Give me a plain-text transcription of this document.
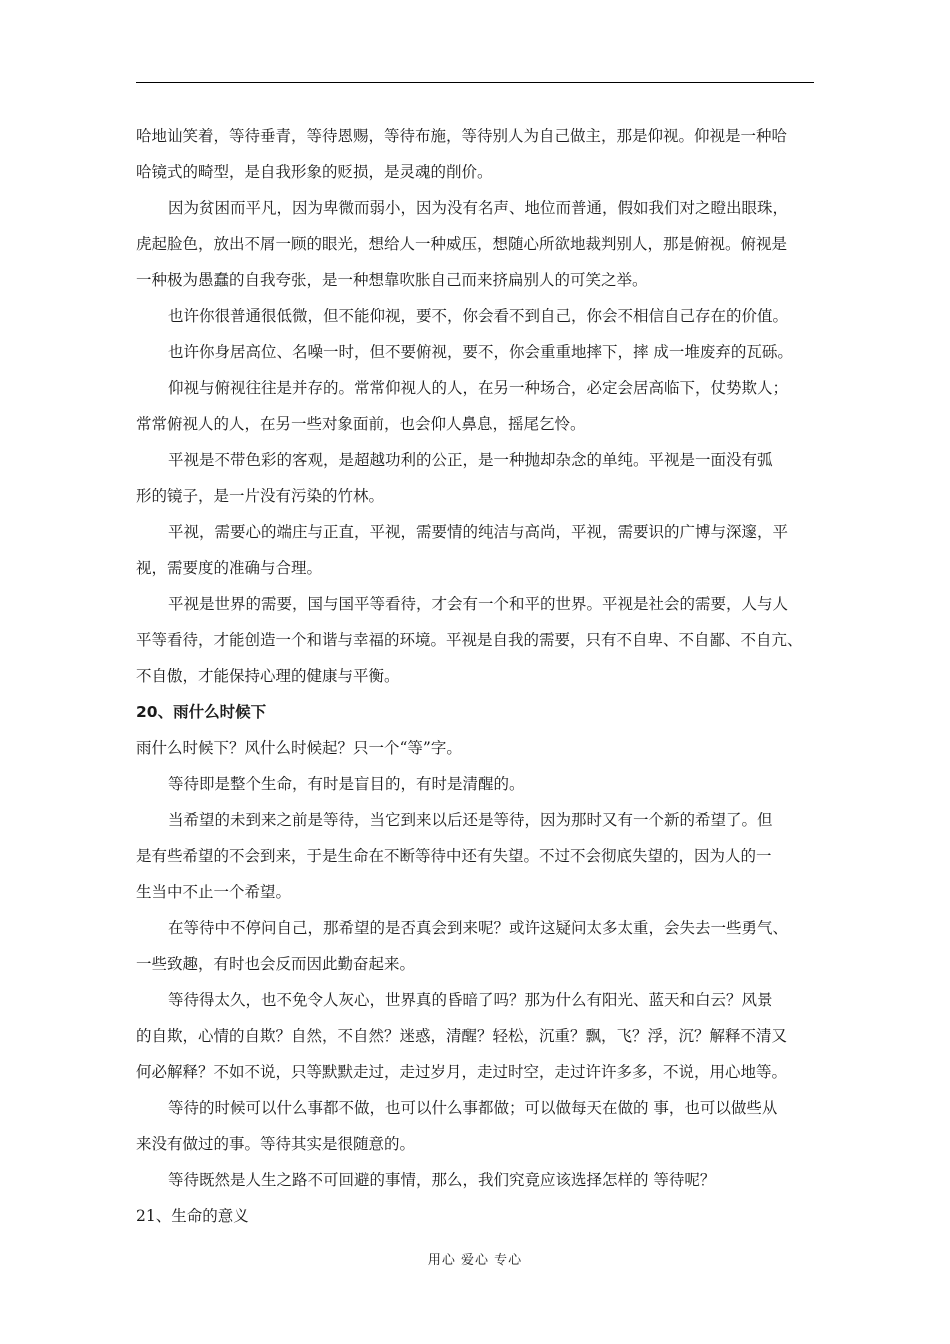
哈地讪笑着，等待垂青，等待恩赐，等待布施，等待别人为自己做主，那是仰视。仰视是一种哈
哈镜式的畸型，是自我形象的贬损，是灵魂的削价。
因为贫困而平凡，因为卑微而弱小，因为没有名声、地位而普通，假如我们对之瞪出眼珠，
虎起脸色，放出不屑一顾的眼光，想给人一种威压，想随心所欲地裁判别人，那是俯视。俯视是
一种极为愚蠢的自我夸张，是一种想靠吹胀自己而来挤扁别人的可笑之举。
也许你很普通很低微，但不能仰视，要不，你会看不到自己，你会不相信自己存在的价值。
也许你身居高位、名噪一时，但不要俯视，要不，你会重重地摔下，摔 成一堆废弃的瓦砾。
仰视与俯视往往是并存的。常常仰视人的人，在另一种场合，必定会居高临下，仗势欺人；
常常俯视人的人，在另一些对象面前，也会仰人鼻息，摇尾乞怜。
平视是不带色彩的客观，是超越功利的公正，是一种抛却杂念的单纯。平视是一面没有弧
形的镜子，是一片没有污染的竹林。
平视，需要心的端庄与正直，平视，需要情的纯洁与高尚，平视，需要识的广博与深邃，平
视，需要度的准确与合理。
平视是世界的需要，国与国平等看待，才会有一个和平的世界。平视是社会的需要，人与人
平等看待，才能创造一个和谐与幸福的环境。平视是自我的需要，只有不自卑、不自鄙、不自亢、
不自傲，才能保持心理的健康与平衡。
20、雨什么时候下
雨什么时候下？风什么时候起？只一个“等”字。
等待即是整个生命，有时是盲目的，有时是清醒的。
当希望的未到来之前是等待，当它到来以后还是等待，因为那时又有一个新的希望了。但
是有些希望的不会到来，于是生命在不断等待中还有失望。不过不会彻底失望的，因为人的一
生当中不止一个希望。
在等待中不停问自己，那希望的是否真会到来呢？或许这疑问太多太重，会失去一些勇气、
一些致趣，有时也会反而因此勤奋起来。
等待得太久，也不免令人灰心，世界真的昏暗了吗？那为什么有阳光、蓝天和白云？风景
的自欺，心情的自欺？自然，不自然？迷惑，清醒？轻松，沉重？飘，飞？浮，沉？解释不清又
何必解释？不如不说，只等默默走过，走过岁月，走过时空，走过许许多多，不说，用心地等。
等待的时候可以什么事都不做，也可以什么事都做；可以做每天在做的 事，也可以做些从
来没有做过的事。等待其实是很随意的。
等待既然是人生之路不可回避的事情，那么，我们究竟应该选择怎样的 等待呢？
21、生命的意义
用心 爱心 专心
